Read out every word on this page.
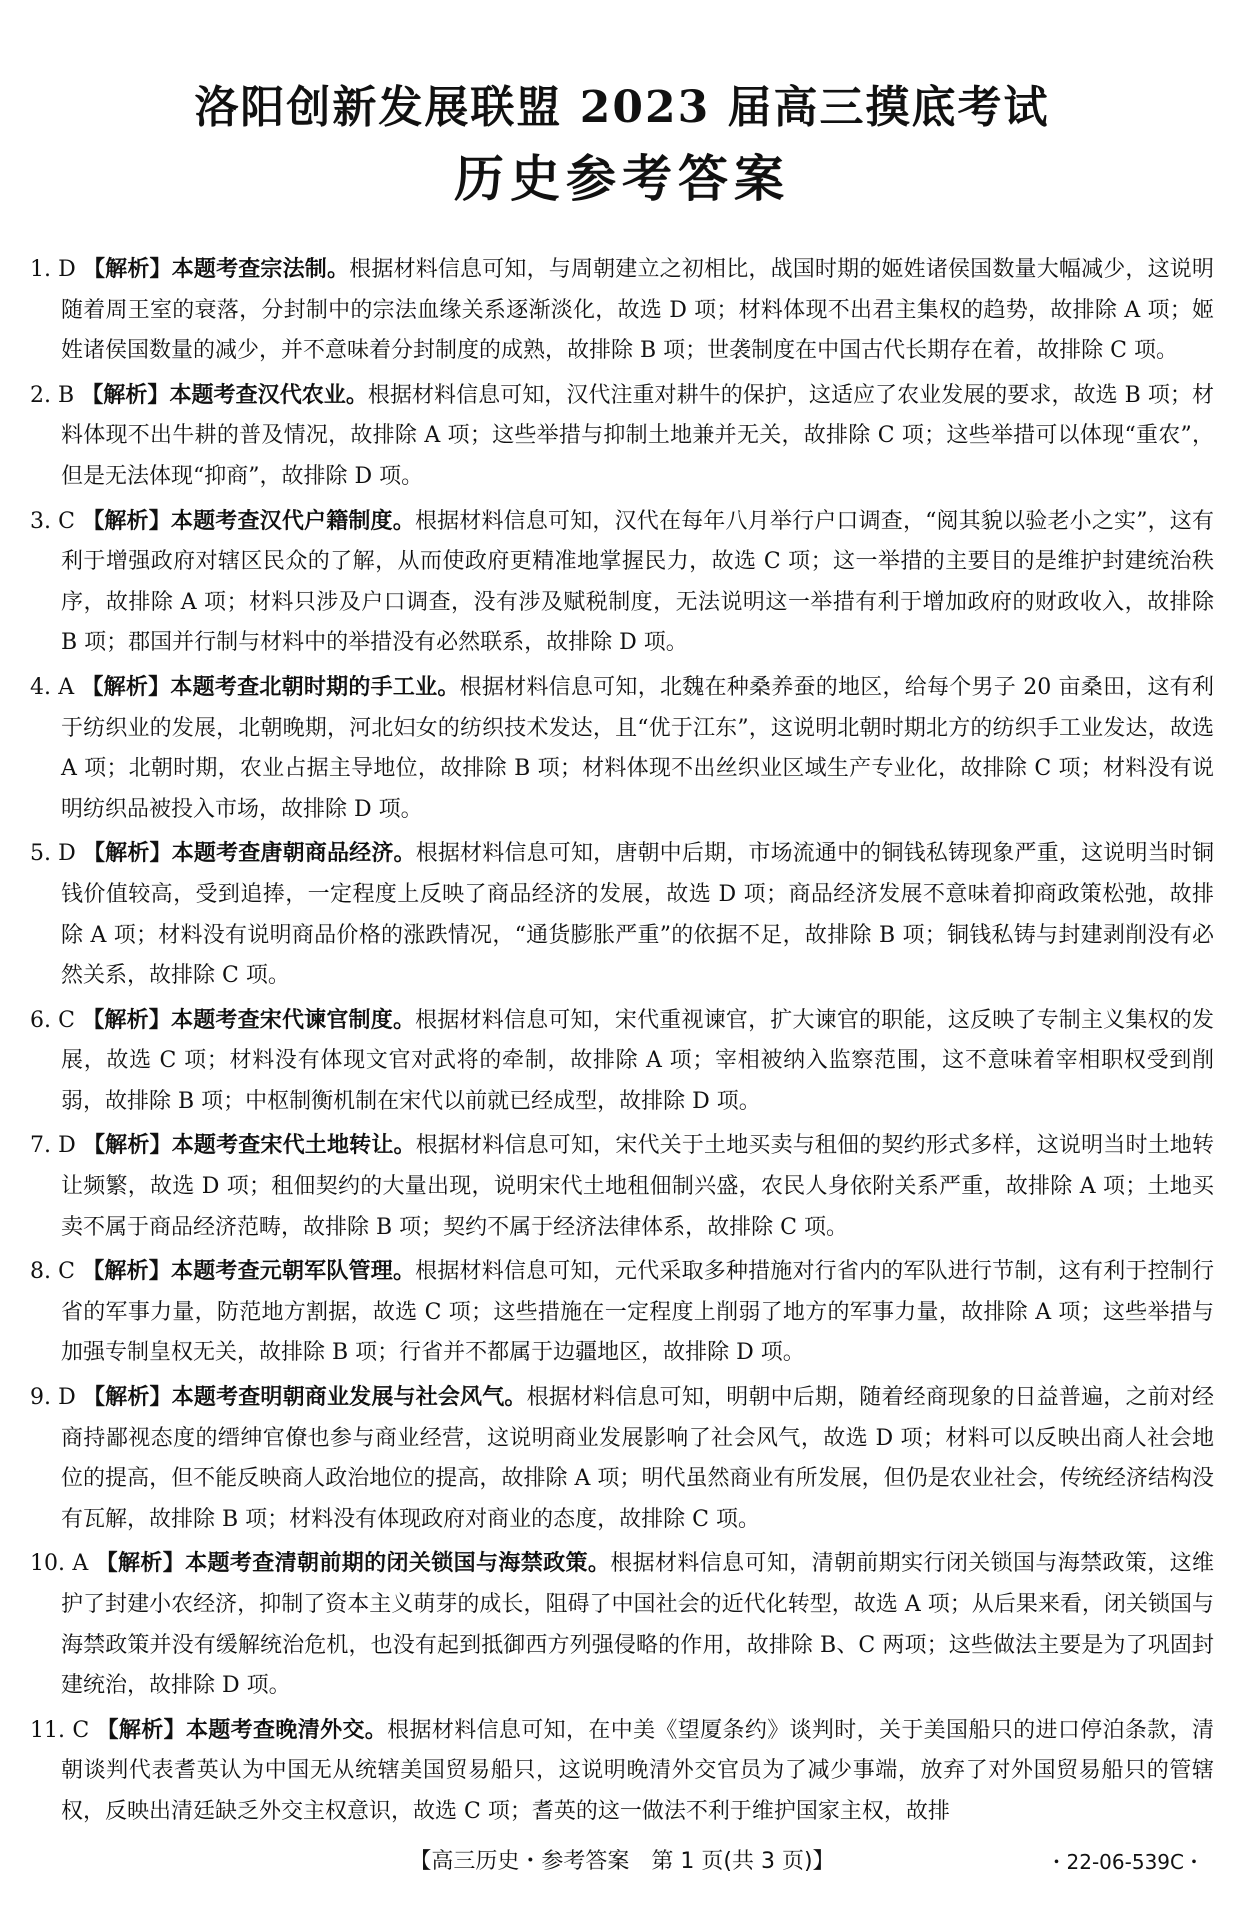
洛阳创新发展联盟 2023 届高三摸底考试
历史参考答案

1. D 【解析】本题考查宗法制。根据材料信息可知，与周朝建立之初相比，战国时期的姬姓诸侯国数量大幅减少，这说明随着周王室的衰落，分封制中的宗法血缘关系逐渐淡化，故选 D 项；材料体现不出君主集权的趋势，故排除 A 项；姬姓诸侯国数量的减少，并不意味着分封制度的成熟，故排除 B 项；世袭制度在中国古代长期存在着，故排除 C 项。

2. B 【解析】本题考查汉代农业。根据材料信息可知，汉代注重对耕牛的保护，这适应了农业发展的要求，故选 B 项；材料体现不出牛耕的普及情况，故排除 A 项；这些举措与抑制土地兼并无关，故排除 C 项；这些举措可以体现“重农”，但是无法体现“抑商”，故排除 D 项。

3. C 【解析】本题考查汉代户籍制度。根据材料信息可知，汉代在每年八月举行户口调查，“阅其貌以验老小之实”，这有利于增强政府对辖区民众的了解，从而使政府更精准地掌握民力，故选 C 项；这一举措的主要目的是维护封建统治秩序，故排除 A 项；材料只涉及户口调查，没有涉及赋税制度，无法说明这一举措有利于增加政府的财政收入，故排除 B 项；郡国并行制与材料中的举措没有必然联系，故排除 D 项。

4. A 【解析】本题考查北朝时期的手工业。根据材料信息可知，北魏在种桑养蚕的地区，给每个男子 20 亩桑田，这有利于纺织业的发展，北朝晚期，河北妇女的纺织技术发达，且“优于江东”，这说明北朝时期北方的纺织手工业发达，故选 A 项；北朝时期，农业占据主导地位，故排除 B 项；材料体现不出丝织业区域生产专业化，故排除 C 项；材料没有说明纺织品被投入市场，故排除 D 项。

5. D 【解析】本题考查唐朝商品经济。根据材料信息可知，唐朝中后期，市场流通中的铜钱私铸现象严重，这说明当时铜钱价值较高，受到追捧，一定程度上反映了商品经济的发展，故选 D 项；商品经济发展不意味着抑商政策松弛，故排除 A 项；材料没有说明商品价格的涨跌情况，“通货膨胀严重”的依据不足，故排除 B 项；铜钱私铸与封建剥削没有必然关系，故排除 C 项。

6. C 【解析】本题考查宋代谏官制度。根据材料信息可知，宋代重视谏官，扩大谏官的职能，这反映了专制主义集权的发展，故选 C 项；材料没有体现文官对武将的牵制，故排除 A 项；宰相被纳入监察范围，这不意味着宰相职权受到削弱，故排除 B 项；中枢制衡机制在宋代以前就已经成型，故排除 D 项。

7. D 【解析】本题考查宋代土地转让。根据材料信息可知，宋代关于土地买卖与租佃的契约形式多样，这说明当时土地转让频繁，故选 D 项；租佃契约的大量出现，说明宋代土地租佃制兴盛，农民人身依附关系严重，故排除 A 项；土地买卖不属于商品经济范畴，故排除 B 项；契约不属于经济法律体系，故排除 C 项。

8. C 【解析】本题考查元朝军队管理。根据材料信息可知，元代采取多种措施对行省内的军队进行节制，这有利于控制行省的军事力量，防范地方割据，故选 C 项；这些措施在一定程度上削弱了地方的军事力量，故排除 A 项；这些举措与加强专制皇权无关，故排除 B 项；行省并不都属于边疆地区，故排除 D 项。

9. D 【解析】本题考查明朝商业发展与社会风气。根据材料信息可知，明朝中后期，随着经商现象的日益普遍，之前对经商持鄙视态度的缙绅官僚也参与商业经营，这说明商业发展影响了社会风气，故选 D 项；材料可以反映出商人社会地位的提高，但不能反映商人政治地位的提高，故排除 A 项；明代虽然商业有所发展，但仍是农业社会，传统经济结构没有瓦解，故排除 B 项；材料没有体现政府对商业的态度，故排除 C 项。

10. A 【解析】本题考查清朝前期的闭关锁国与海禁政策。根据材料信息可知，清朝前期实行闭关锁国与海禁政策，这维护了封建小农经济，抑制了资本主义萌芽的成长，阻碍了中国社会的近代化转型，故选 A 项；从后果来看，闭关锁国与海禁政策并没有缓解统治危机，也没有起到抵御西方列强侵略的作用，故排除 B、C 两项；这些做法主要是为了巩固封建统治，故排除 D 项。

11. C 【解析】本题考查晚清外交。根据材料信息可知，在中美《望厦条约》谈判时，关于美国船只的进口停泊条款，清朝谈判代表耆英认为中国无从统辖美国贸易船只，这说明晚清外交官员为了减少事端，放弃了对外国贸易船只的管辖权，反映出清廷缺乏外交主权意识，故选 C 项；耆英的这一做法不利于维护国家主权，故排

【高三历史・参考答案　第 1 页(共 3 页)】	・22-06-539C・
